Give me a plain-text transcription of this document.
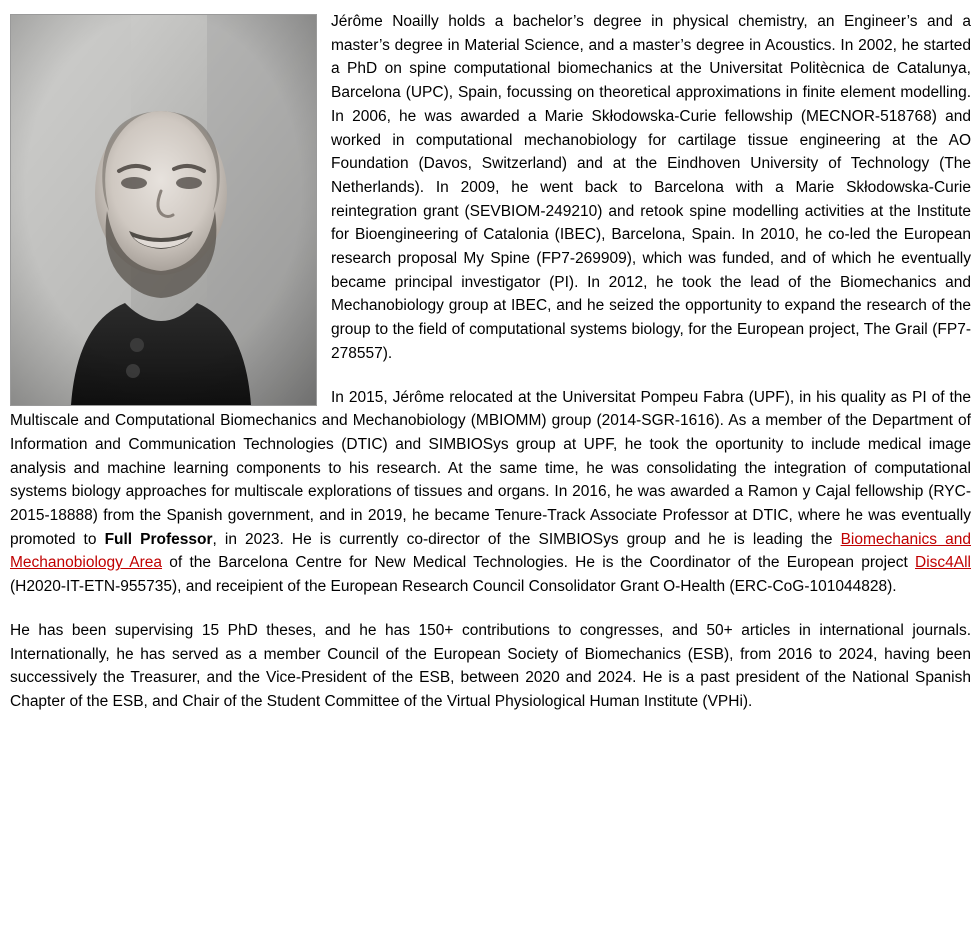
Jérôme Noailly holds a bachelor’s degree in physical chemistry, an Engineer’s and a master’s degree in Material Science, and a master’s degree in Acoustics. In 2002, he started a PhD on spine computational biomechanics at the Universitat Politècnica de Catalunya, Barcelona (UPC), Spain, focussing on theoretical approximations in finite element modelling. In 2006, he was awarded a Marie Skłodowska-Curie fellowship (MECNOR-518768) and worked in computational mechanobiology for cartilage tissue engineering at the AO Foundation (Davos, Switzerland) and at the Eindhoven University of Technology (The Netherlands). In 2009, he went back to Barcelona with a Marie Skłodowska-Curie reintegration grant (SEVBIOM-249210) and retook spine modelling activities at the Institute for Bioengineering of Catalonia (IBEC), Barcelona, Spain. In 2010, he co-led the European research proposal My Spine (FP7-269909), which was funded, and of which he eventually became principal investigator (PI). In 2012, he took the lead of the Biomechanics and Mechanobiology group at IBEC, and he seized the opportunity to expand the research of the group to the field of computational systems biology, for the European project, The Grail (FP7-278557).

In 2015, Jérôme relocated at the Universitat Pompeu Fabra (UPF), in his quality as PI of the Multiscale and Computational Biomechanics and Mechanobiology (MBIOMM) group (2014-SGR-1616). As a member of the Department of Information and Communication Technologies (DTIC) and SIMBIOSys group at UPF, he took the oportunity to include medical image analysis and machine learning components to his research. At the same time, he was consolidating the integration of computational systems biology approaches for multiscale explorations of tissues and organs. In 2016, he was awarded a Ramon y Cajal fellowship (RYC-2015-18888) from the Spanish government, and in 2019, he became Tenure-Track Associate Professor at DTIC, where he was eventually promoted to Full Professor, in 2023. He is currently co-director of the SIMBIOSys group and he is leading the Biomechanics and Mechanobiology Area of the Barcelona Centre for New Medical Technologies. He is the Coordinator of the European project Disc4All (H2020-IT-ETN-955735), and receipient of the European Research Council Consolidator Grant O-Health (ERC-CoG-101044828).

He has been supervising 15 PhD theses, and he has 150+ contributions to congresses, and 50+ articles in international journals. Internationally, he has served as a member Council of the European Society of Biomechanics (ESB), from 2016 to 2024, having been successively the Treasurer, and the Vice-President of the ESB, between 2020 and 2024. He is a past president of the National Spanish Chapter of the ESB, and Chair of the Student Committee of the Virtual Physiological Human Institute (VPHi).
